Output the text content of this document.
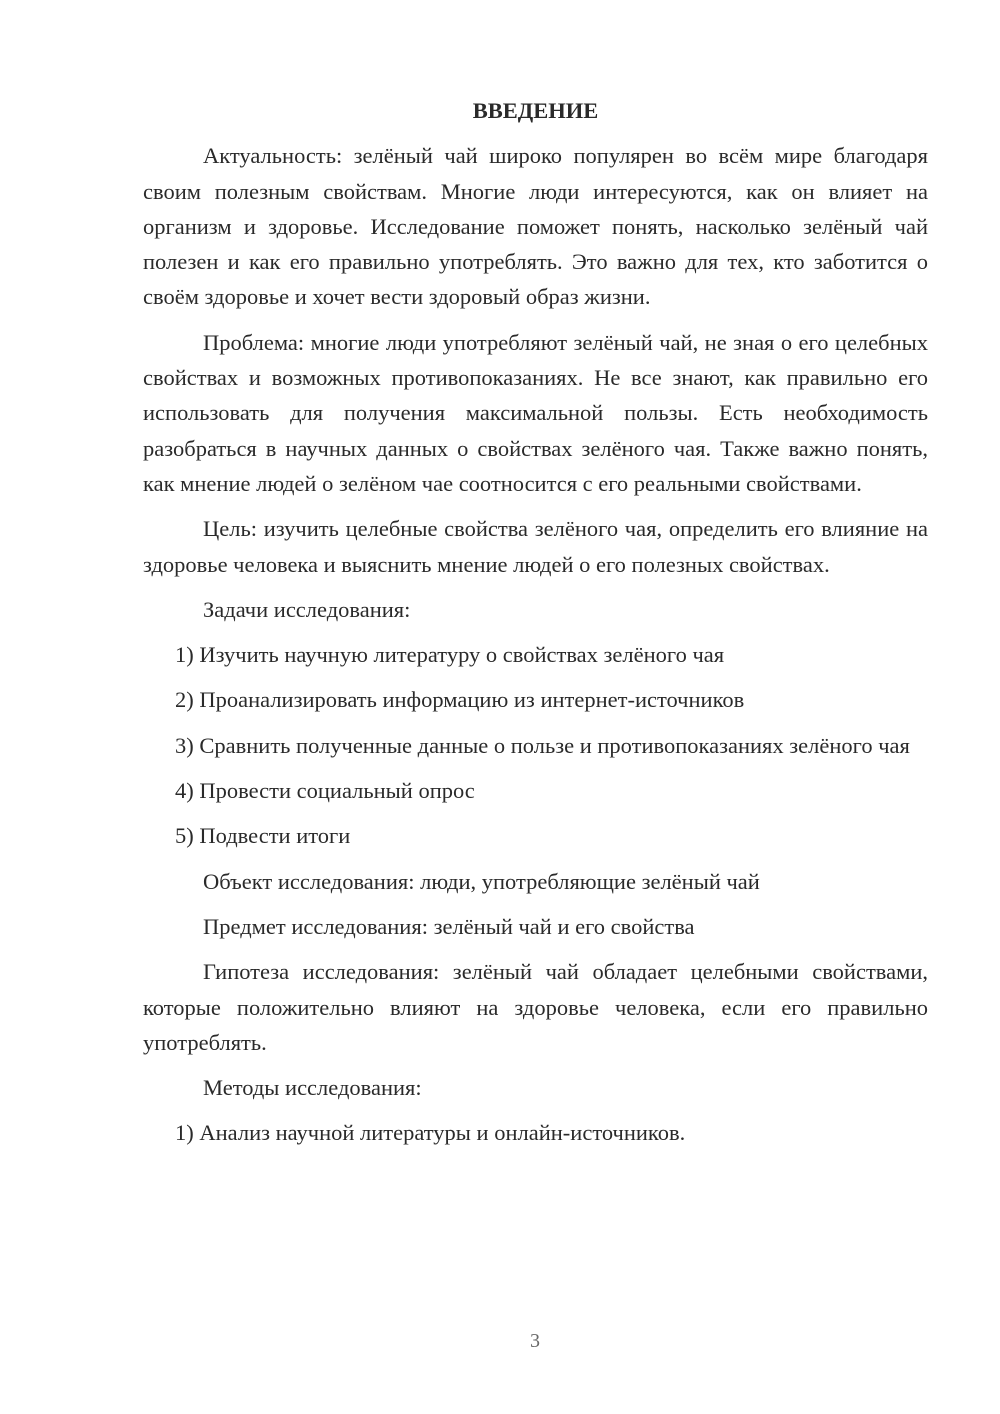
ВВЕДЕНИЕ

Актуальность: зелёный чай широко популярен во всём мире благодаря своим полезным свойствам. Многие люди интересуются, как он влияет на организм и здоровье. Исследование поможет понять, насколько зелёный чай полезен и как его правильно употреблять. Это важно для тех, кто заботится о своём здоровье и хочет вести здоровый образ жизни.

Проблема: многие люди употребляют зелёный чай, не зная о его целебных свойствах и возможных противопоказаниях. Не все знают, как правильно его использовать для получения максимальной пользы. Есть необходимость разобраться в научных данных о свойствах зелёного чая. Также важно понять, как мнение людей о зелёном чае соотносится с его реальными свойствами.

Цель: изучить целебные свойства зелёного чая, определить его влияние на здоровье человека и выяснить мнение людей о его полезных свойствах.

Задачи исследования:

1) Изучить научную литературу о свойствах зелёного чая

2) Проанализировать информацию из интернет-источников

3) Сравнить полученные данные о пользе и противопоказаниях зелёного чая

4) Провести социальный опрос

5) Подвести итоги

Объект исследования: люди, употребляющие зелёный чай

Предмет исследования: зелёный чай и его свойства

Гипотеза исследования: зелёный чай обладает целебными свойствами, которые положительно влияют на здоровье человека, если его правильно употреблять.

Методы исследования:

1) Анализ научной литературы и онлайн-источников.

3
